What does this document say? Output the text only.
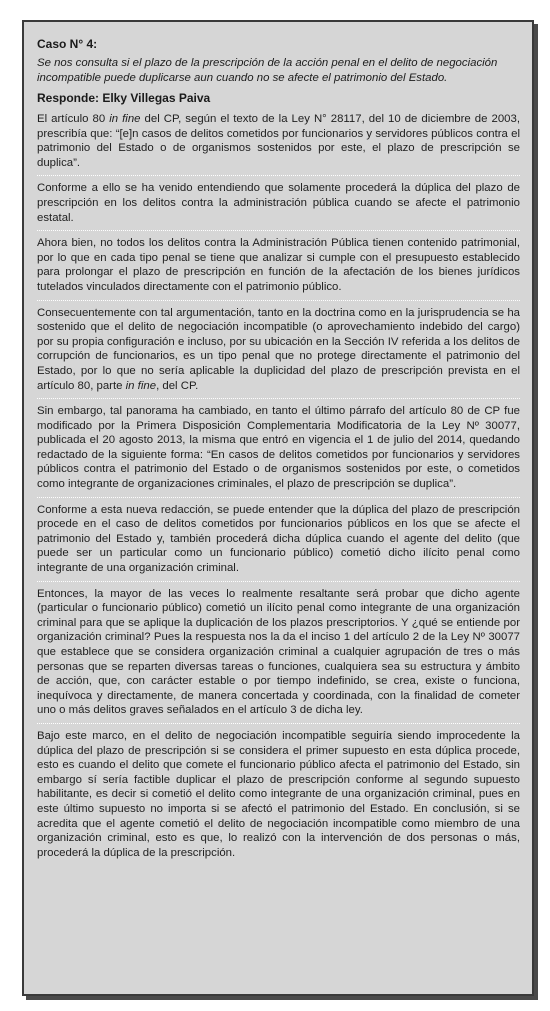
Caso N° 4:

Se nos consulta si el plazo de la prescripción de la acción penal en el delito de negociación incompatible puede duplicarse aun cuando no se afecte el patrimonio del Estado.

Responde: Elky Villegas Paiva

El artículo 80 in fine del CP, según el texto de la Ley N° 28117, del 10 de diciembre de 2003, prescribía que: “[e]n casos de delitos cometidos por funcionarios y servidores públicos contra el patrimonio del Estado o de organismos sostenidos por este, el plazo de prescripción se duplica”.

Conforme a ello se ha venido entendiendo que solamente procederá la dúplica del plazo de prescripción en los delitos contra la administración pública cuando se afecte el patrimonio estatal.

Ahora bien, no todos los delitos contra la Administración Pública tienen contenido patrimonial, por lo que en cada tipo penal se tiene que analizar si cumple con el presupuesto establecido para prolongar el plazo de prescripción en función de la afectación de los bienes jurídicos tutelados vinculados directamente con el patrimonio público.

Consecuentemente con tal argumentación, tanto en la doctrina como en la jurisprudencia se ha sostenido que el delito de negociación incompatible (o aprovechamiento indebido del cargo) por su propia configuración e incluso, por su ubicación en la Sección IV referida a los delitos de corrupción de funcionarios, es un tipo penal que no protege directamente el patrimonio del Estado, por lo que no sería aplicable la duplicidad del plazo de prescripción prevista en el artículo 80, parte in fine, del CP.

Sin embargo, tal panorama ha cambiado, en tanto el último párrafo del artículo 80 de CP fue modificado por la Primera Disposición Complementaria Modificatoria de la Ley Nº 30077, publicada el 20 agosto 2013, la misma que entró en vigencia el 1 de julio del 2014, quedando redactado de la siguiente forma: “En casos de delitos cometidos por funcionarios y servidores públicos contra el patrimonio del Estado o de organismos sostenidos por este, o cometidos como integrante de organizaciones criminales, el plazo de prescripción se duplica”.

Conforme a esta nueva redacción, se puede entender que la dúplica del plazo de prescripción procede en el caso de delitos cometidos por funcionarios públicos en los que se afecte el patrimonio del Estado y, también procederá dicha dúplica cuando el agente del delito (que puede ser un particular como un funcionario público) cometió dicho ilícito penal como integrante de una organización criminal.

Entonces, la mayor de las veces lo realmente resaltante será probar que dicho agente (particular o funcionario público) cometió un ilícito penal como integrante de una organización criminal para que se aplique la duplicación de los plazos prescriptorios. Y ¿qué se entiende por organización criminal? Pues la respuesta nos la da el inciso 1 del artículo 2 de la Ley Nº 30077 que establece que se considera organización criminal a cualquier agrupación de tres o más personas que se reparten diversas tareas o funciones, cualquiera sea su estructura y ámbito de acción, que, con carácter estable o por tiempo indefinido, se crea, existe o funciona, inequívoca y directamente, de manera concertada y coordinada, con la finalidad de cometer uno o más delitos graves señalados en el artículo 3 de dicha ley.

Bajo este marco, en el delito de negociación incompatible seguiría siendo improcedente la dúplica del plazo de prescripción si se considera el primer supuesto en esta dúplica procede, esto es cuando el delito que comete el funcionario público afecta el patrimonio del Estado, sin embargo sí sería factible duplicar el plazo de prescripción conforme al segundo supuesto habilitante, es decir si cometió el delito como integrante de una organización criminal, pues en este último supuesto no importa si se afectó el patrimonio del Estado. En conclusión, si se acredita que el agente cometió el delito de negociación incompatible como miembro de una organización criminal, esto es que, lo realizó con la intervención de dos personas o más, procederá la dúplica de la prescripción.
